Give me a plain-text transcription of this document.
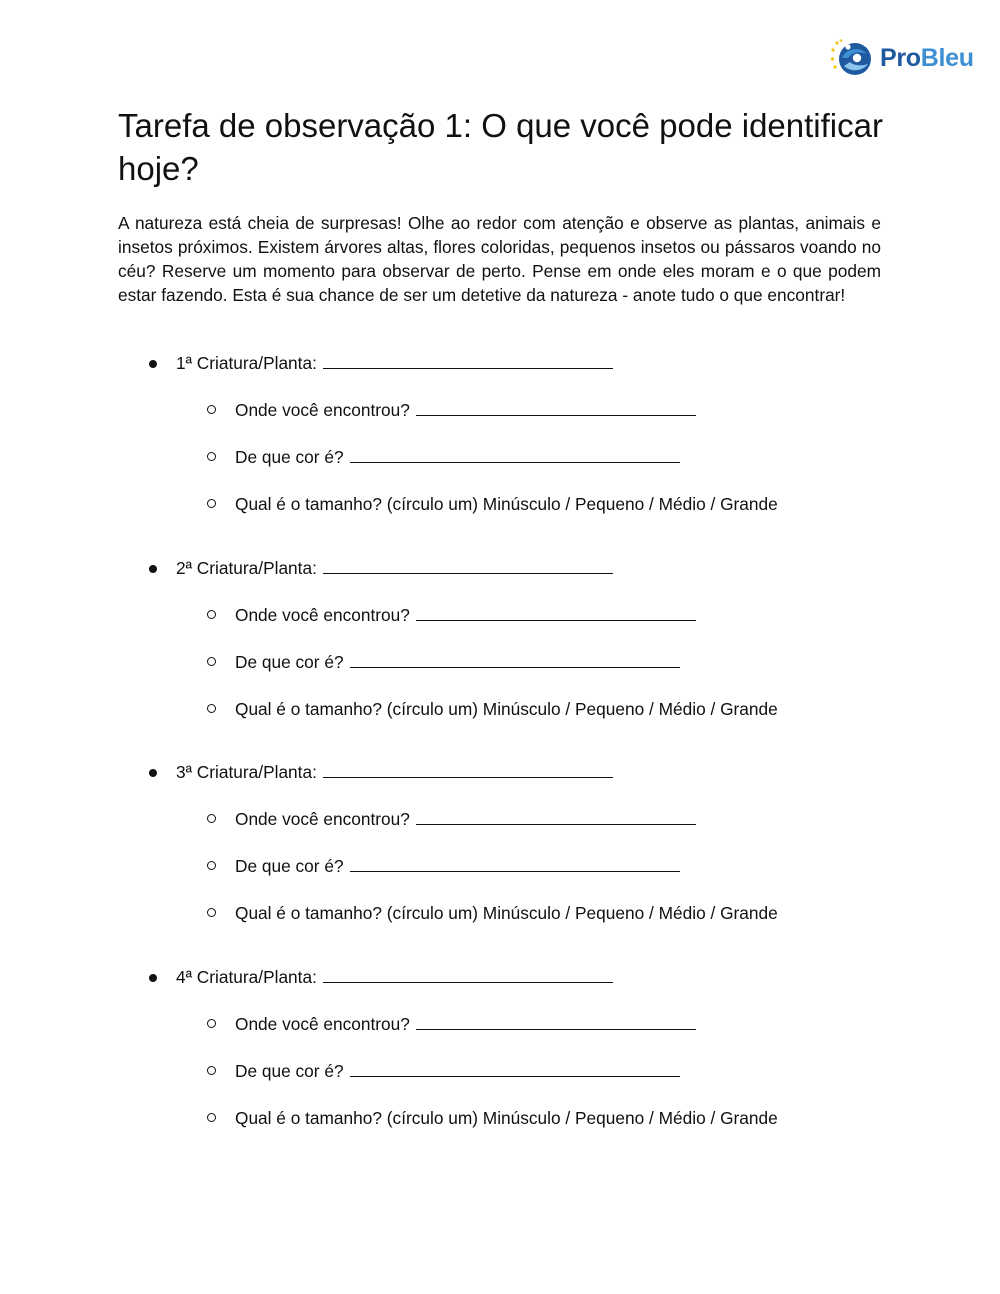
ProBleu
Tarefa de observação 1: O que você pode identificar hoje?

A natureza está cheia de surpresas! Olhe ao redor com atenção e observe as plantas, animais e insetos próximos. Existem árvores altas, flores coloridas, pequenos insetos ou pássaros voando no céu? Reserve um momento para observar de perto. Pense em onde eles moram e o que podem estar fazendo. Esta é sua chance de ser um detetive da natureza - anote tudo o que encontrar!

1ª Criatura/Planta:
Onde você encontrou?
De que cor é?
Qual é o tamanho? (círculo um) Minúsculo / Pequeno / Médio / Grande
2ª Criatura/Planta:
Onde você encontrou?
De que cor é?
Qual é o tamanho? (círculo um) Minúsculo / Pequeno / Médio / Grande
3ª Criatura/Planta:
Onde você encontrou?
De que cor é?
Qual é o tamanho? (círculo um) Minúsculo / Pequeno / Médio / Grande
4ª Criatura/Planta:
Onde você encontrou?
De que cor é?
Qual é o tamanho? (círculo um) Minúsculo / Pequeno / Médio / Grande
